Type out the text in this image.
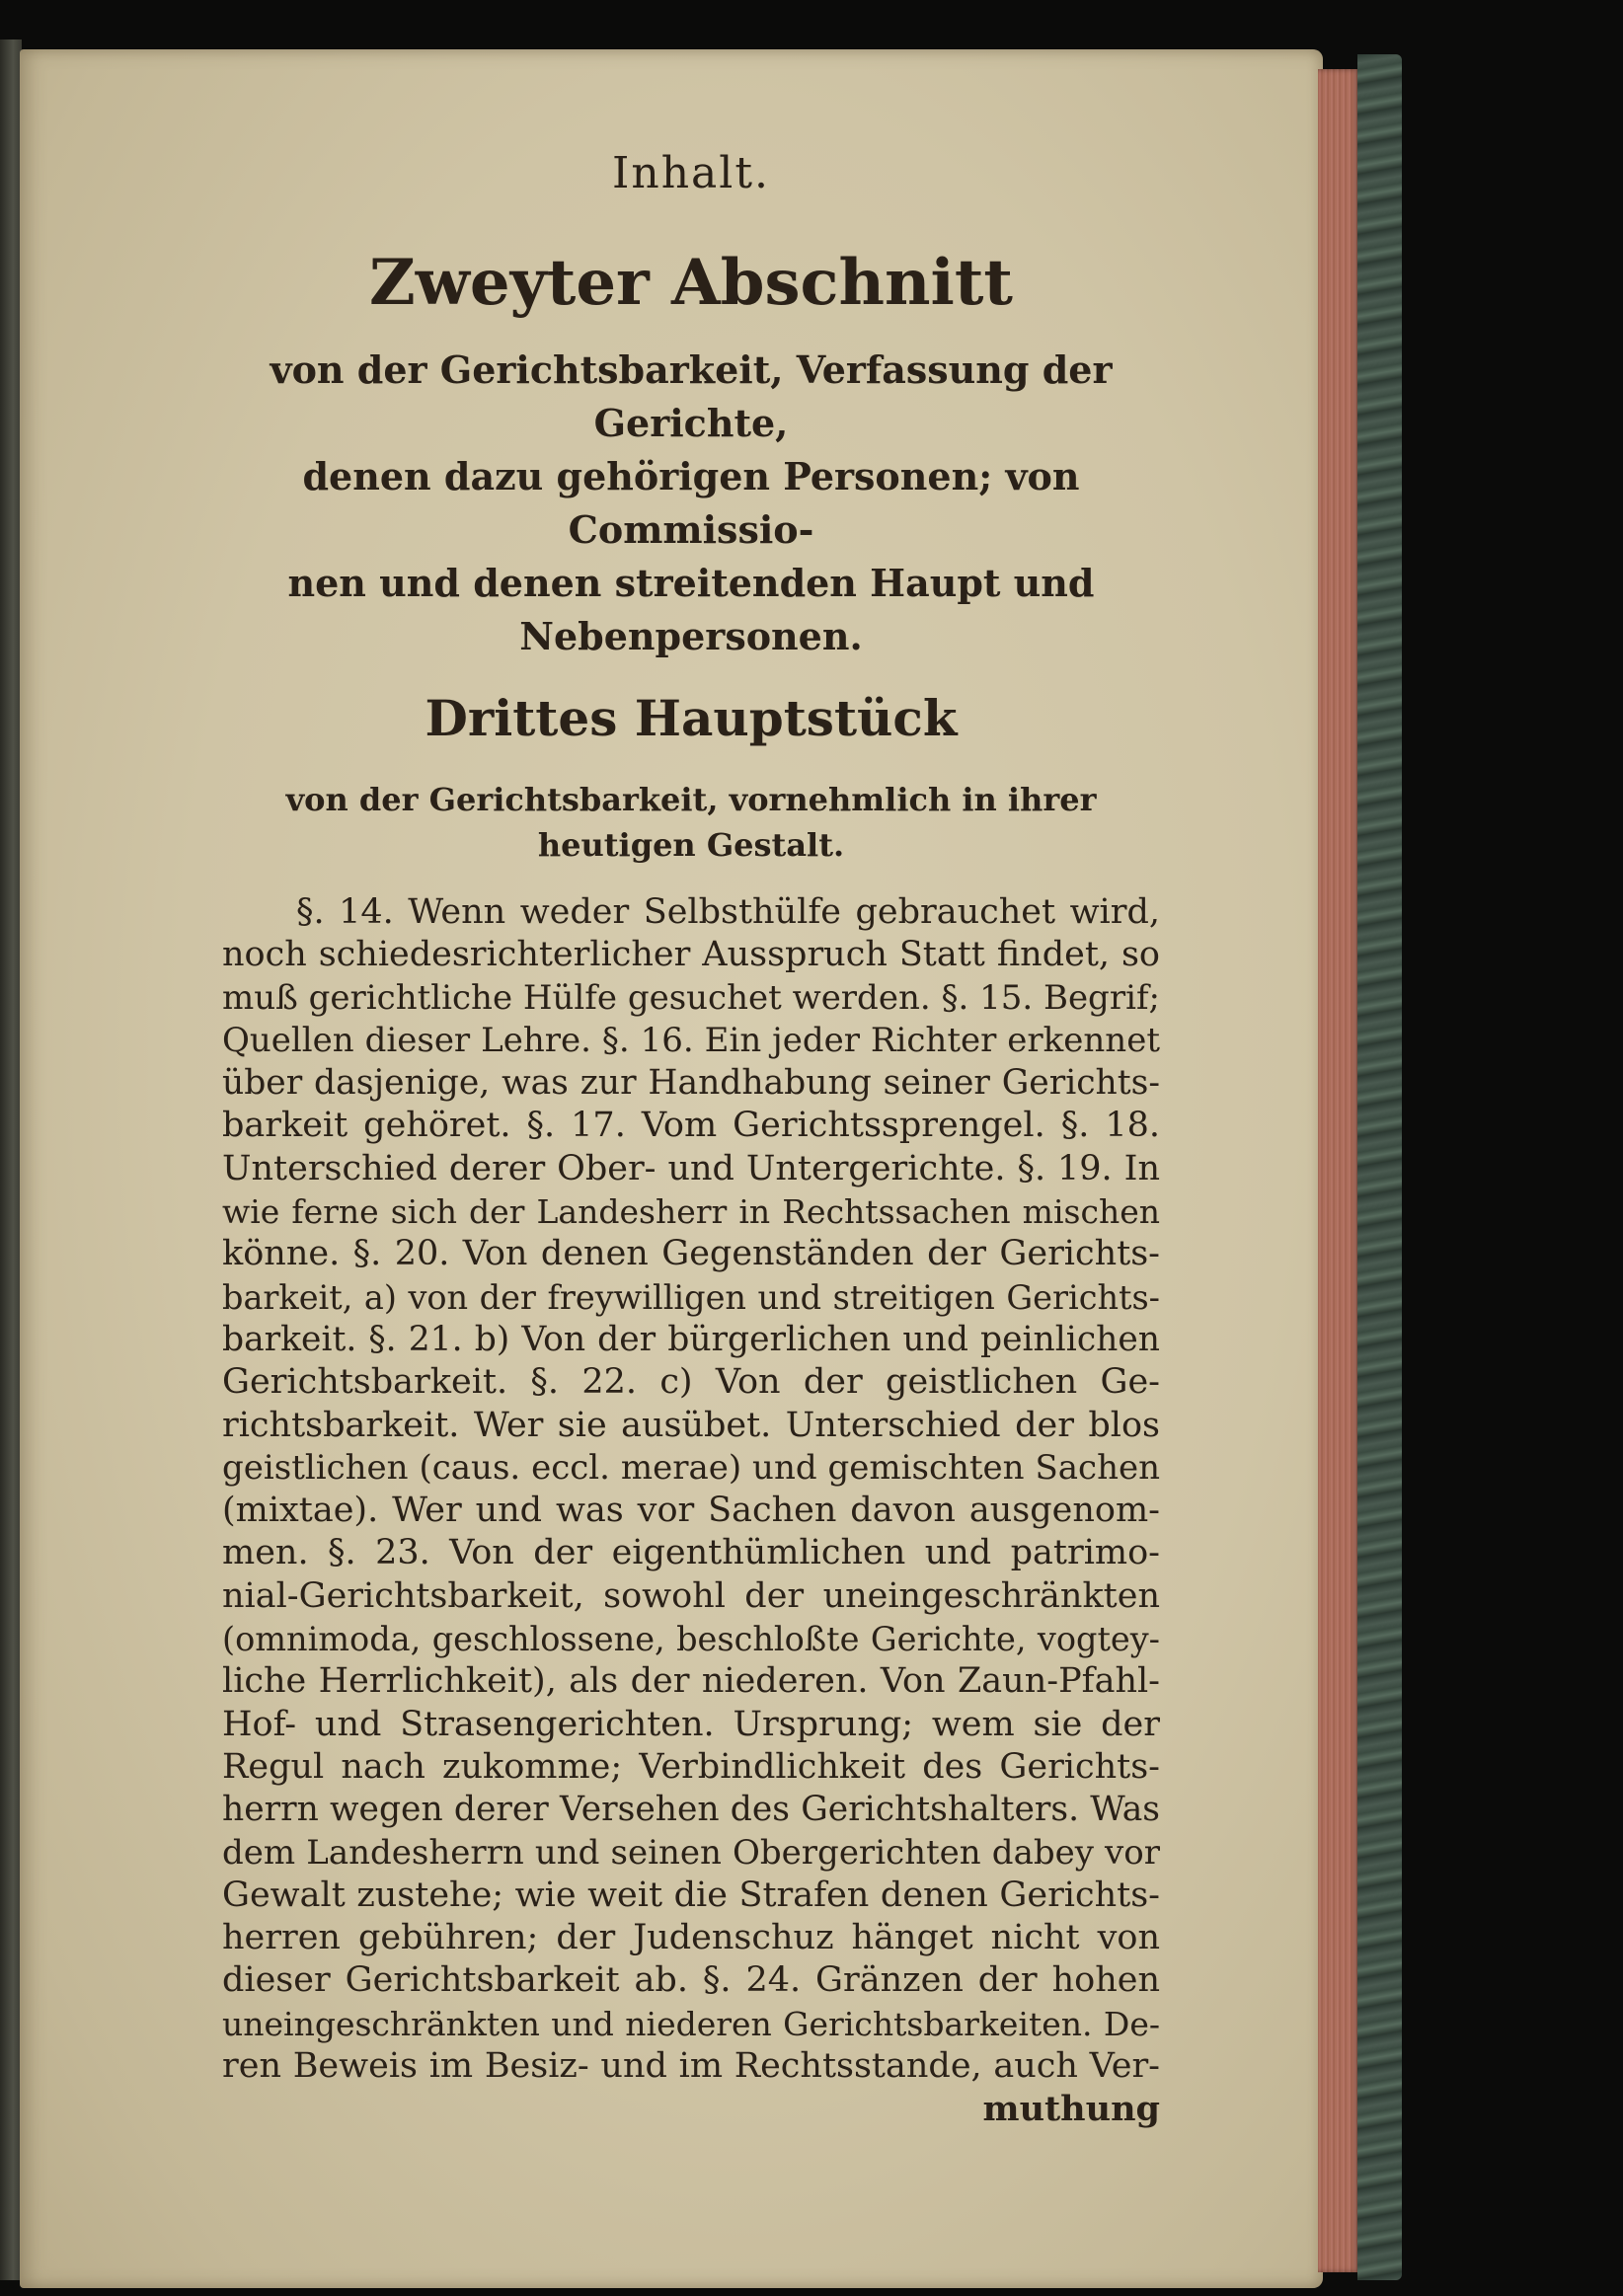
Inhalt.
Zweyter Abschnitt
von der Gerichtsbarkeit, Verfassung der Gerichte,
denen dazu gehörigen Personen; von Commissio-
nen und denen streitenden Haupt und
Nebenpersonen.
Drittes Hauptstück
von der Gerichtsbarkeit, vornehmlich in ihrer
heutigen Gestalt.
§. 14. Wenn weder Selbsthülfe gebrauchet wird,
noch schiedesrichterlicher Ausspruch Statt findet, so
muß gerichtliche Hülfe gesuchet werden. §. 15. Begrif;
Quellen dieser Lehre. §. 16. Ein jeder Richter erkennet
über dasjenige, was zur Handhabung seiner Gerichts-
barkeit gehöret. §. 17. Vom Gerichtssprengel. §. 18.
Unterschied derer Ober- und Untergerichte. §. 19. In
wie ferne sich der Landesherr in Rechtssachen mischen
könne. §. 20. Von denen Gegenständen der Gerichts-
barkeit, a) von der freywilligen und streitigen Gerichts-
barkeit. §. 21. b) Von der bürgerlichen und peinlichen
Gerichtsbarkeit. §. 22. c) Von der geistlichen Ge-
richtsbarkeit. Wer sie ausübet. Unterschied der blos
geistlichen (caus. eccl. merae) und gemischten Sachen
(mixtae). Wer und was vor Sachen davon ausgenom-
men. §. 23. Von der eigenthümlichen und patrimo-
nial-Gerichtsbarkeit, sowohl der uneingeschränkten
(omnimoda, geschlossene, beschloßte Gerichte, vogtey-
liche Herrlichkeit), als der niederen. Von Zaun-Pfahl-
Hof- und Strasengerichten. Ursprung; wem sie der
Regul nach zukomme; Verbindlichkeit des Gerichts-
herrn wegen derer Versehen des Gerichtshalters. Was
dem Landesherrn und seinen Obergerichten dabey vor
Gewalt zustehe; wie weit die Strafen denen Gerichts-
herren gebühren; der Judenschuz hänget nicht von
dieser Gerichtsbarkeit ab. §. 24. Gränzen der hohen
uneingeschränkten und niederen Gerichtsbarkeiten. De-
ren Beweis im Besiz- und im Rechtsstande, auch Ver-
muthung
